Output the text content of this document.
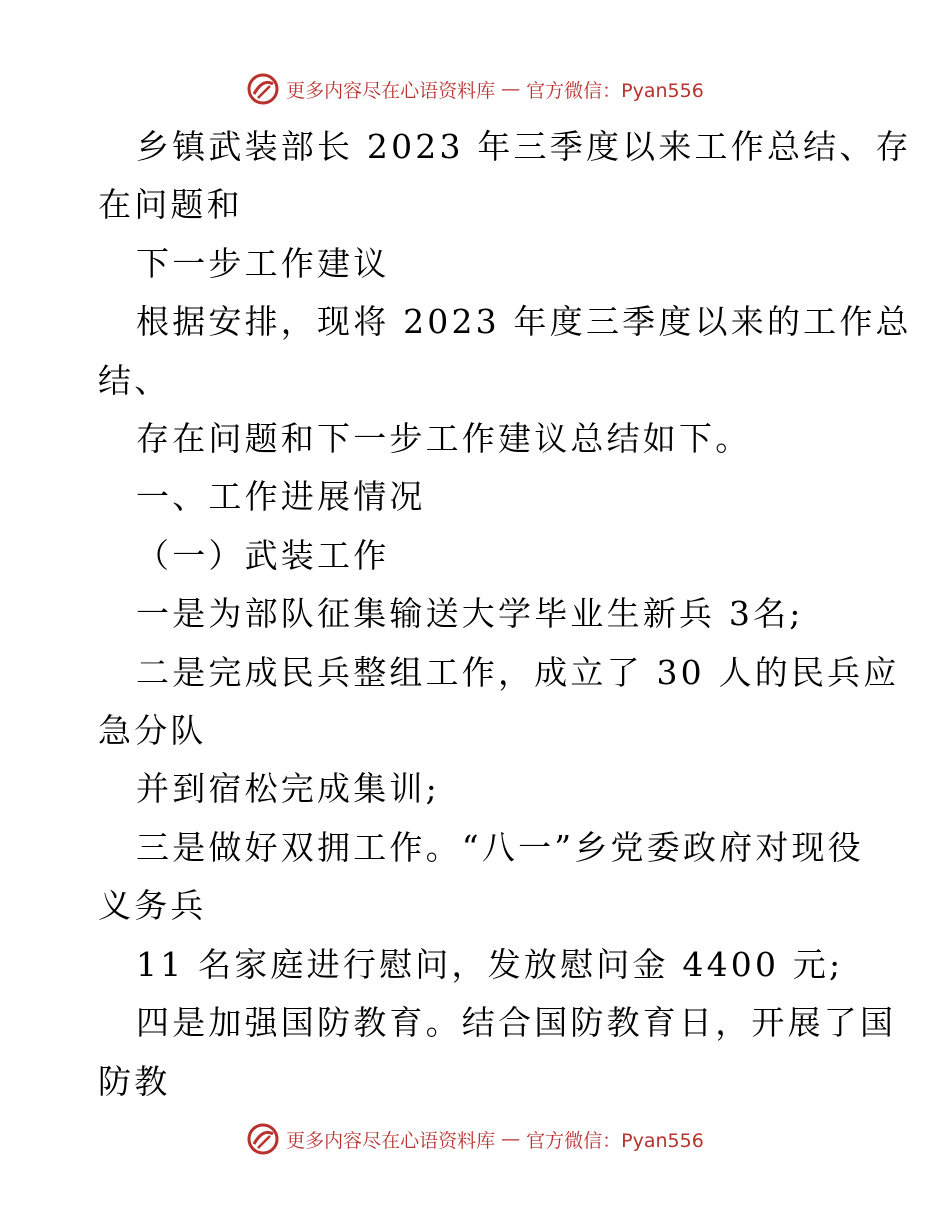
更多内容尽在心语资料库 — 官方微信：Pyan556
乡镇武装部长 2023 年三季度以来工作总结、存
在问题和
下一步工作建议
根据安排，现将 2023 年度三季度以来的工作总
结、
存在问题和下一步工作建议总结如下。
一、工作进展情况
（一）武装工作
一是为部队征集输送大学毕业生新兵 3名;
二是完成民兵整组工作，成立了 30 人的民兵应
急分队
并到宿松完成集训;
三是做好双拥工作。“八一”乡党委政府对现役
义务兵
11 名家庭进行慰问，发放慰问金 4400 元;
四是加强国防教育。结合国防教育日，开展了国
防教
更多内容尽在心语资料库 — 官方微信：Pyan556
